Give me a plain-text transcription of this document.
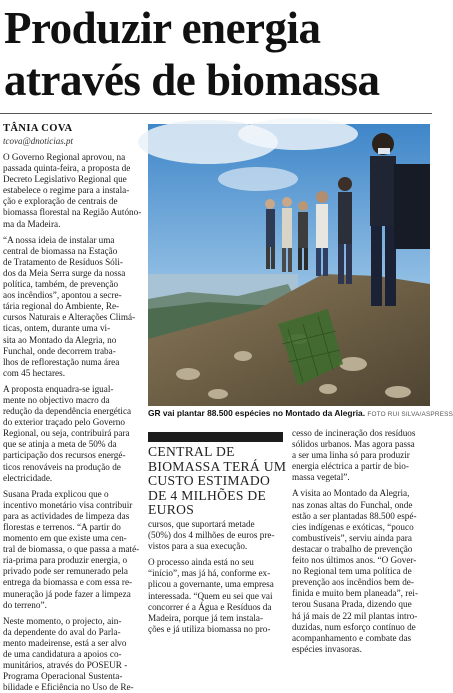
Produzir energia
através de biomassa
TÂNIA COVA
tcova@dnoticias.pt
O Governo Regional aprovou, na
passada quinta-feira, a proposta de
Decreto Legislativo Regional que
estabelece o regime para a instala-
ção e exploração de centrais de
biomassa florestal na Região Autóno-
ma da Madeira.
“A nossa ideia de instalar uma
central de biomassa na Estação
de Tratamento de Resíduos Sóli-
dos da Meia Serra surge da nossa
política, também, de prevenção
aos incêndios”, apontou a secre-
tária regional do Ambiente, Re-
cursos Naturais e Alterações Climá-
ticas, ontem, durante uma vi-
sita ao Montado da Alegria, no
Funchal, onde decorrem traba-
lhos de reflorestação numa área
com 45 hectares.
A proposta enquadra-se igual-
mente no objectivo macro da
redução da dependência energética
do exterior traçado pelo Governo
Regional, ou seja, contribuirá para
que se atinja a meta de 50% da
participação dos recursos energé-
ticos renováveis na produção de
electricidade.
Susana Prada explicou que o
incentivo monetário visa contribuir
para as actividades de limpeza das
florestas e terrenos. “A partir do
momento em que existe uma cen-
tral de biomassa, o que passa a maté-
ria-prima para produzir energia, o
privado pode ser remunerado pela
entrega da biomassa e com essa re-
muneração já pode fazer a limpeza
do terreno”.
Neste momento, o projecto, ain-
da dependente do aval do Parla-
mento madeirense, está a ser alvo
de uma candidatura a apoios co-
munitários, através do POSEUR -
Programa Operacional Sustenta-
bilidade e Eficiência no Uso de Re-
GR vai plantar 88.500 espécies no Montado da Alegria. FOTO RUI SILVA/ASPRESS
CENTRAL DE
BIOMASSA TERÁ UM
CUSTO ESTIMADO
DE 4 MILHÕES DE
EUROS
cursos, que suportará metade
(50%) dos 4 milhões de euros pre-
vistos para a sua execução.
O processo ainda está no seu
“início”, mas já há, conforme ex-
plicou a governante, uma empresa
interessada. “Quem eu sei que vai
concorrer é a Água e Resíduos da
Madeira, porque já tem instala-
ções e já utiliza biomassa no pro-
cesso de incineração dos resíduos
sólidos urbanos. Mas agora passa
a ser uma linha só para produzir
energia eléctrica a partir de bio-
massa vegetal”.
A visita ao Montado da Alegria,
nas zonas altas do Funchal, onde
estão a ser plantadas 88.500 espé-
cies indígenas e exóticas, “pouco
combustíveis”, serviu ainda para
destacar o trabalho de prevenção
feito nos últimos anos. “O Gover-
no Regional tem uma política de
prevenção aos incêndios bem de-
finida e muito bem planeada”, rei-
terou Susana Prada, dizendo que
há já mais de 22 mil plantas intro-
duzidas, num esforço contínuo de
acompanhamento e combate das
espécies invasoras.
